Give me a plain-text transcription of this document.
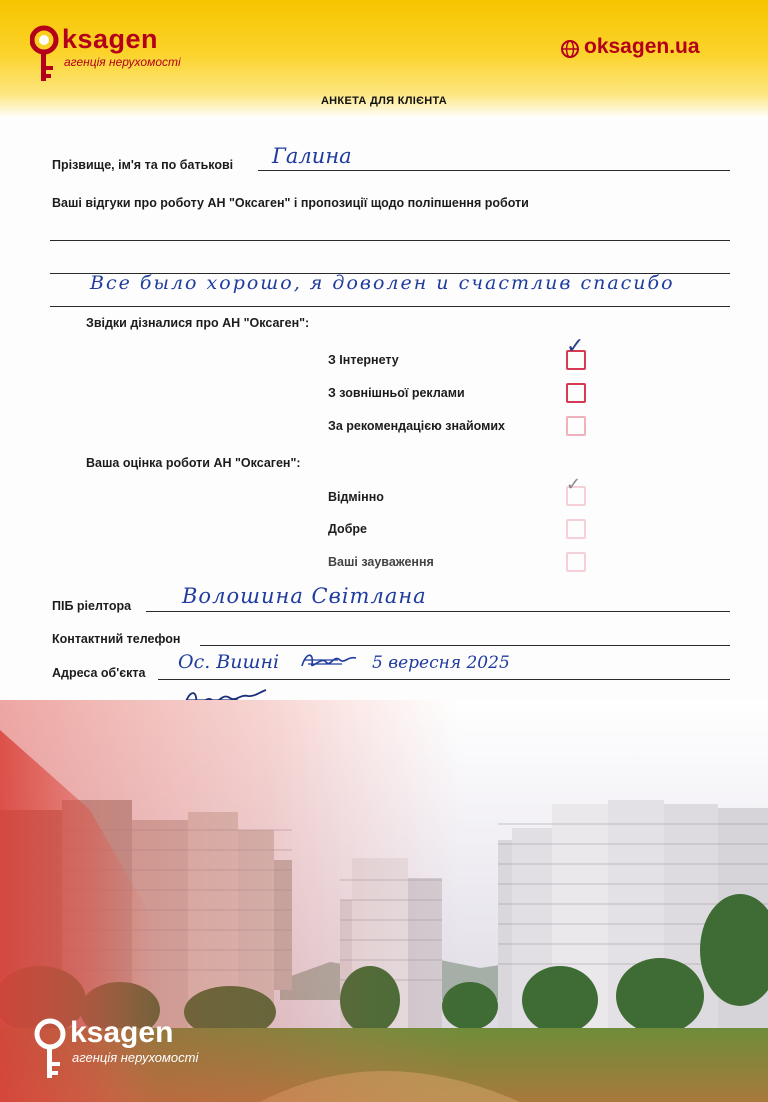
ksagen
агенція нерухомості
oksagen.ua
АНКЕТА ДЛЯ КЛІЄНТА
Прізвище, ім'я та по батькові Галина
Ваші відгуки про роботу АН "Оксаген" і пропозиції щодо поліпшення роботи
Все было хорошо, я доволен и счастлив спасибо
Звідки дізналися про АН "Оксаген":
З Інтернету
✓
З зовнішньої реклами
За рекомендацією знайомих
Ваша оцінка роботи АН "Оксаген":
Відмінно
✓
Добре
Ваші зауваження
ПІБ ріелтора Волошина Світлана
Контактний телефон
Адреса об'єкта Ос. Вишні	5 вересня 2025
ksagen
агенція нерухомості
